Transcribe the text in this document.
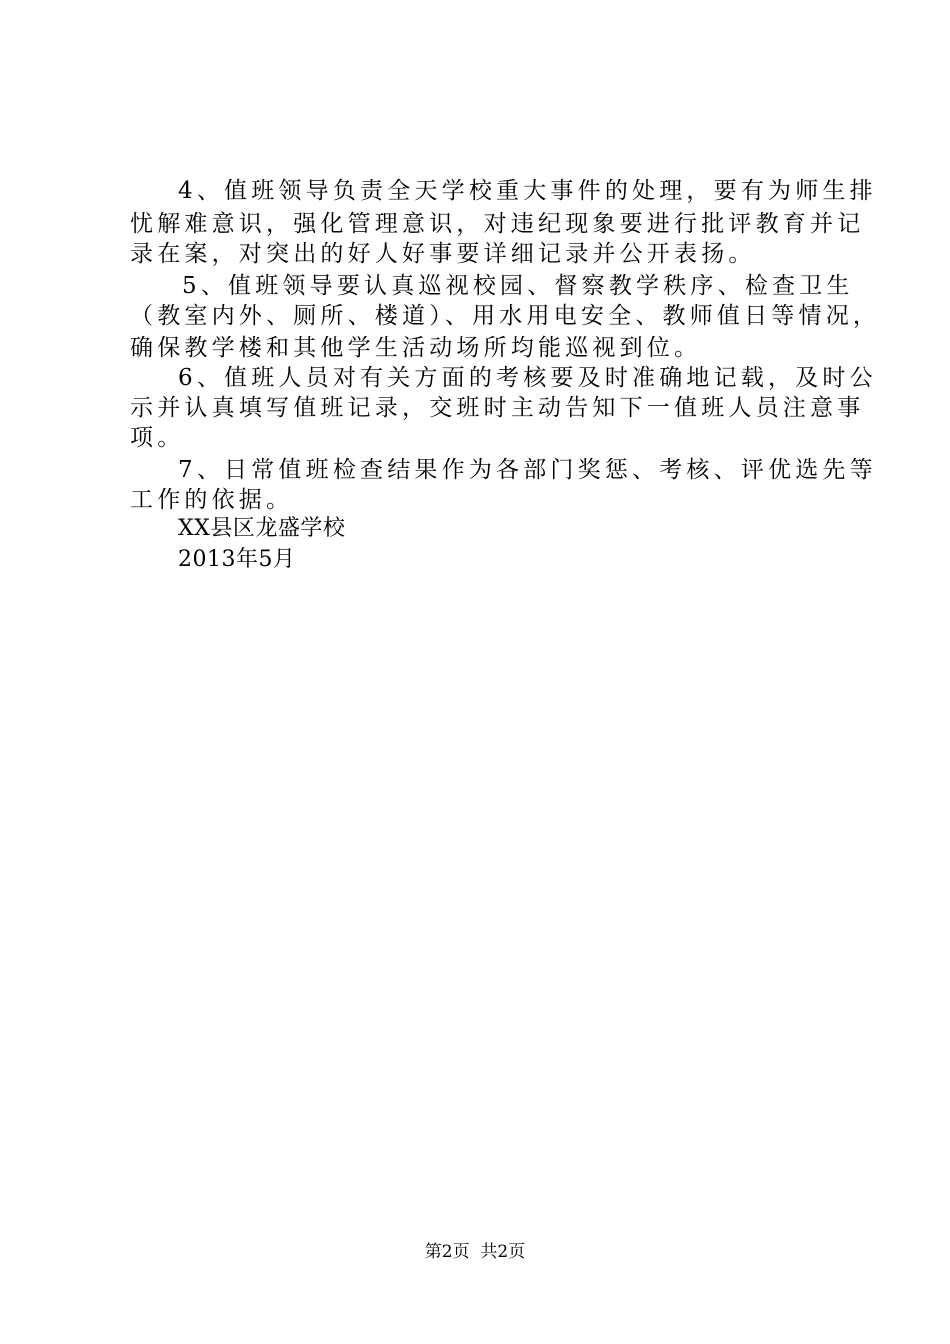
4、值班领导负责全天学校重大事件的处理，要有为师生排
忧解难意识，强化管理意识，对违纪现象要进行批评教育并记
录在案，对突出的好人好事要详细记录并公开表扬。
5、值班领导要认真巡视校园、督察教学秩序、检查卫生
（教室内外、厕所、楼道）、用水用电安全、教师值日等情况，
确保教学楼和其他学生活动场所均能巡视到位。
6、值班人员对有关方面的考核要及时准确地记载，及时公
示并认真填写值班记录，交班时主动告知下一值班人员注意事
项。
7、日常值班检查结果作为各部门奖惩、考核、评优选先等
工作的依据。
XX县区龙盛学校
2013年5月
第2页  共2页
